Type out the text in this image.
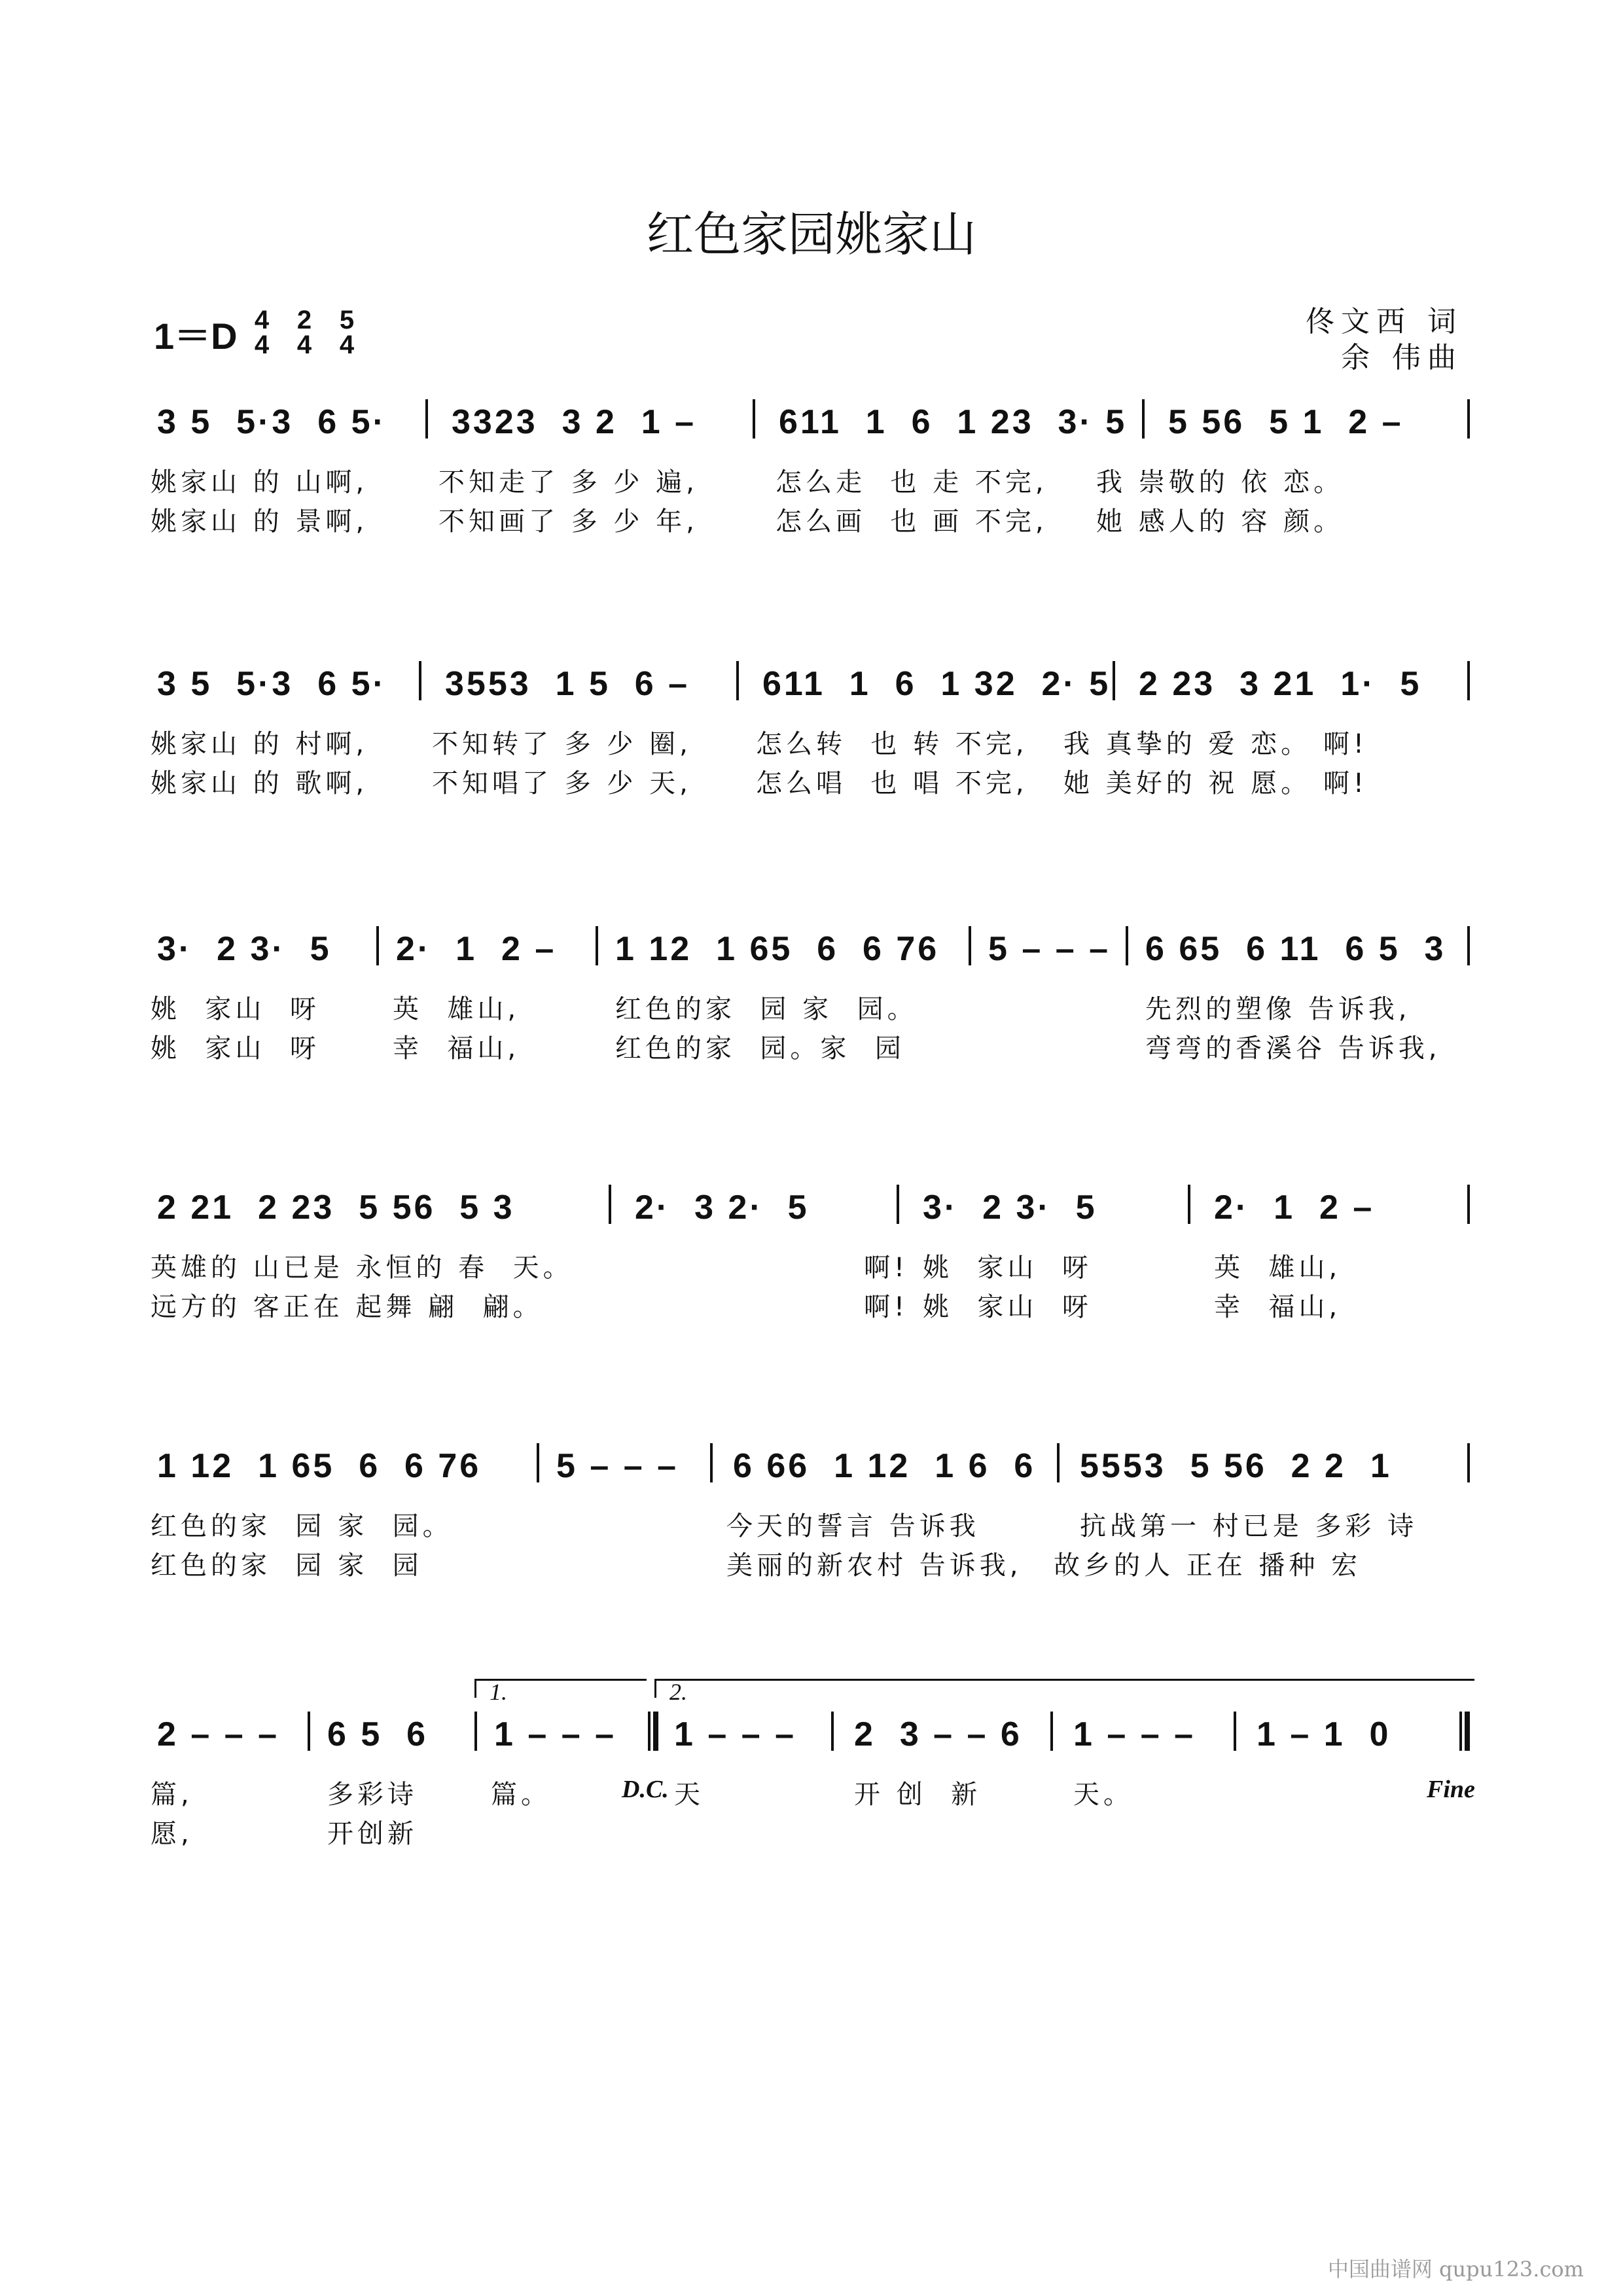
红色家园姚家山
1＝D 4
4
2
4
5
4
佟文西 词
余 伟曲

3 5  5·3  6 5·

3323  3 2  1 –

611  1  6  1 23  3· 5

5 56  5 1  2 –

姚家山 的 山啊,

	不知走了 多 少 遍,

	怎么走  也 走 不完,

我 崇敬的 依 恋。

姚家山 的 景啊,

	不知画了 多 少 年,

	怎么画  也 画 不完,

她 感人的 容 颜。

3 5  5·3  6 5·

3553  1 5  6 –

611  1  6  1 32  2· 5

2 23  3 21  1·  5

姚家山 的 村啊,

不知转了 多 少 圈,

怎么转  也 转 不完,

我 真挚的 爱 恋。 啊!

姚家山 的 歌啊,

不知唱了 多 少 天,

怎么唱  也 唱 不完,

她 美好的 祝 愿。 啊!

3·  2 3·  5

2·  1  2 –

1 12  1 65  6  6 76

5 – – –

6 65  6 11  6 5  3

姚  家山  呀

	英  雄山,

	红色的家  园 家  园。

	先烈的塑像 告诉我,

姚  家山  呀

	幸  福山,

	红色的家  园。家  园

	弯弯的香溪谷 告诉我,

2 21  2 23  5 56  5 3

	2·  3 2·  5

	3·  2 3·  5

	2·  1  2 –

英雄的 山已是 永恒的 春  天。

	啊!

姚  家山  呀

	英  雄山,

远方的 客正在 起舞 翩  翩。

	啊!

姚  家山  呀

	幸  福山,

1 12  1 65  6  6 76

5 – – –

6 66  1 12  1 6  6

5553  5 56  2 2  1

红色的家  园 家  园。

	今天的誓言 告诉我

	抗战第一 村已是 多彩 诗

红色的家  园 家  园

	美丽的新农村 告诉我,

故乡的人 正在 播种 宏

1.	2.

2 – – –

6 5  6

1 – – –

1 – – –

2  3 – – 6

1 – – –

1 – 1  0

篇,

	多彩诗

	篇。

	天

	开 创  新

	天。

D.C.	Fine

愿,

	开创新

中国曲谱网 qupu123.com
